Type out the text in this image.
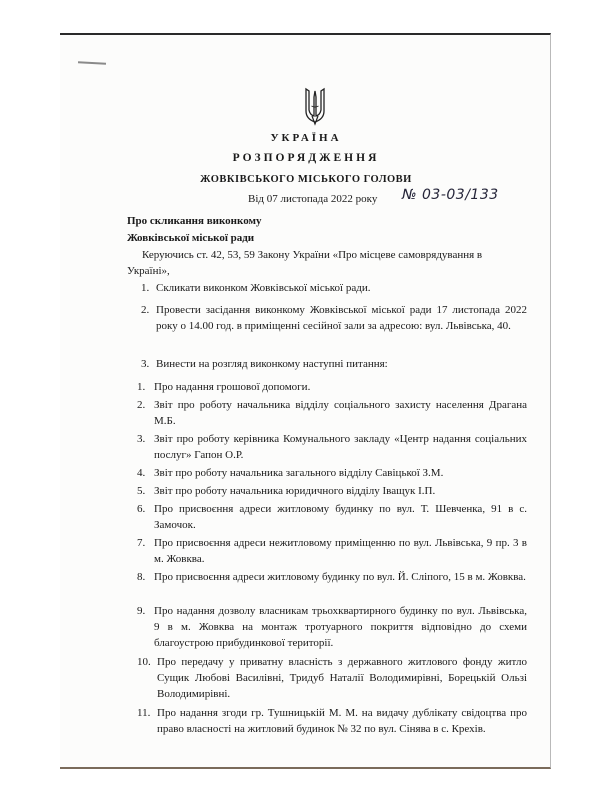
УКРАЇНА
РОЗПОРЯДЖЕННЯ
ЖОВКІВСЬКОГО МІСЬКОГО ГОЛОВИ
Від 07 листопада 2022 року № 03-03/133
Про скликання виконкому
Жовківської міської ради
Керуючись ст. 42, 53, 59 Закону України «Про місцеве самоврядування в Україні»,
1. Скликати виконком Жовківської міської ради.
2. Провести засідання виконкому Жовківської міської ради 17 листопада 2022 року о 14.00 год. в приміщенні сесійної зали за адресою: вул. Львівська, 40.
3. Винести на розгляд виконкому наступні питання:
1. Про надання грошової допомоги.
2. Звіт про роботу начальника відділу соціального захисту населення Драгана М.Б.
3. Звіт про роботу керівника Комунального закладу «Центр надання соціальних послуг» Гапон О.Р.
4. Звіт про роботу начальника загального відділу Савіцької З.М.
5. Звіт про роботу начальника юридичного відділу Іващук І.П.
6. Про присвоєння адреси житловому будинку по вул. Т. Шевченка, 91 в с. Замочок.
7. Про присвоєння адреси нежитловому приміщенню по вул. Львівська, 9 пр. 3 в м. Жовква.
8. Про присвоєння адреси житловому будинку по вул. Й. Сліпого, 15 в м. Жовква.
9. Про надання дозволу власникам трьохквартирного будинку по вул. Львівська, 9 в м. Жовква на монтаж тротуарного покриття відповідно до схеми благоустрою прибудинкової території.
10. Про передачу у приватну власність з державного житлового фонду житло Сущик Любові Василівні, Тридуб Наталії Володимирівні, Борецькій Ользі Володимирівні.
11. Про надання згоди гр. Тушницькій М. М. на видачу дублікату свідоцтва про право власності на житловий будинок № 32 по вул. Сінява в с. Крехів.
